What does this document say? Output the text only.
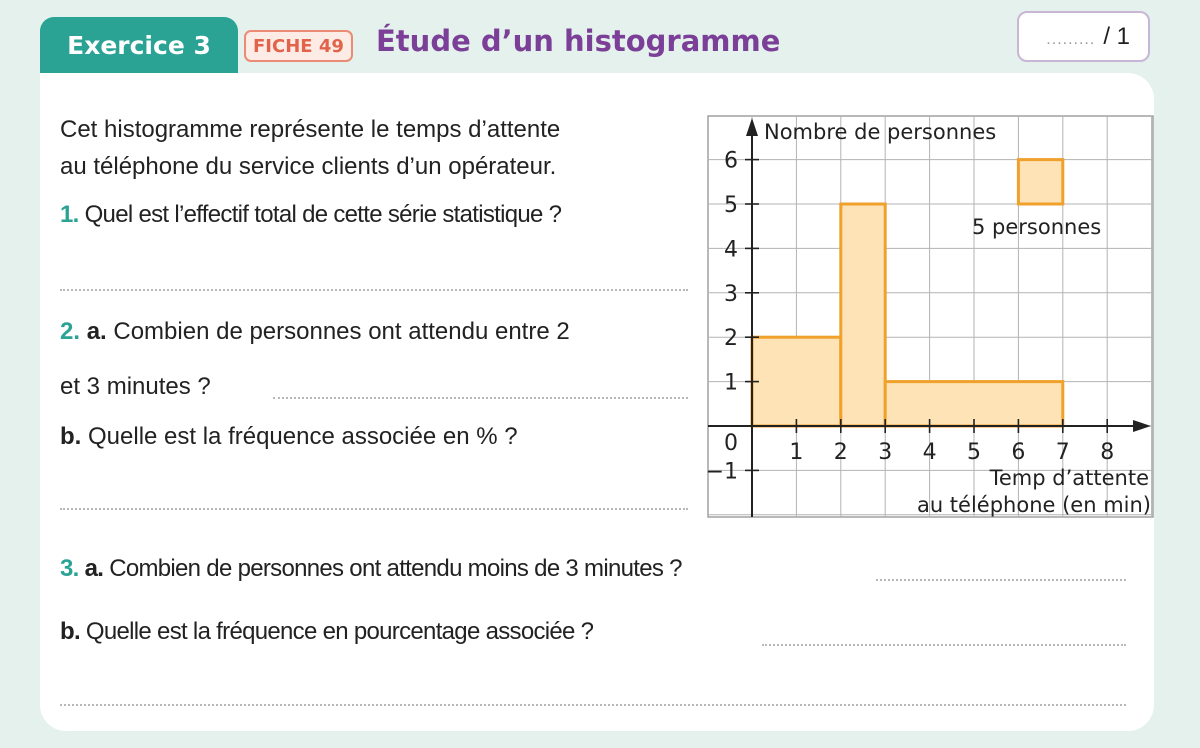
Exercice 3 FICHE 49 Étude d’un histogramme	......... / 1
Cet histogramme représente le temps d’attente
au téléphone du service clients d’un opérateur.
1. Quel est l’effectif total de cette série statistique ?
2. a. Combien de personnes ont attendu entre 2
et 3 minutes ?
b. Quelle est la fréquence associée en % ?
3. a. Combien de personnes ont attendu moins de 3 minutes ?
b. Quelle est la fréquence en pourcentage associée ?
1 2 3 4 5 6 7 8
−1
1
2
3
4
5
6
0
Nombre de personnes
Temp d’attente
au téléphone (en min)
5 personnes
